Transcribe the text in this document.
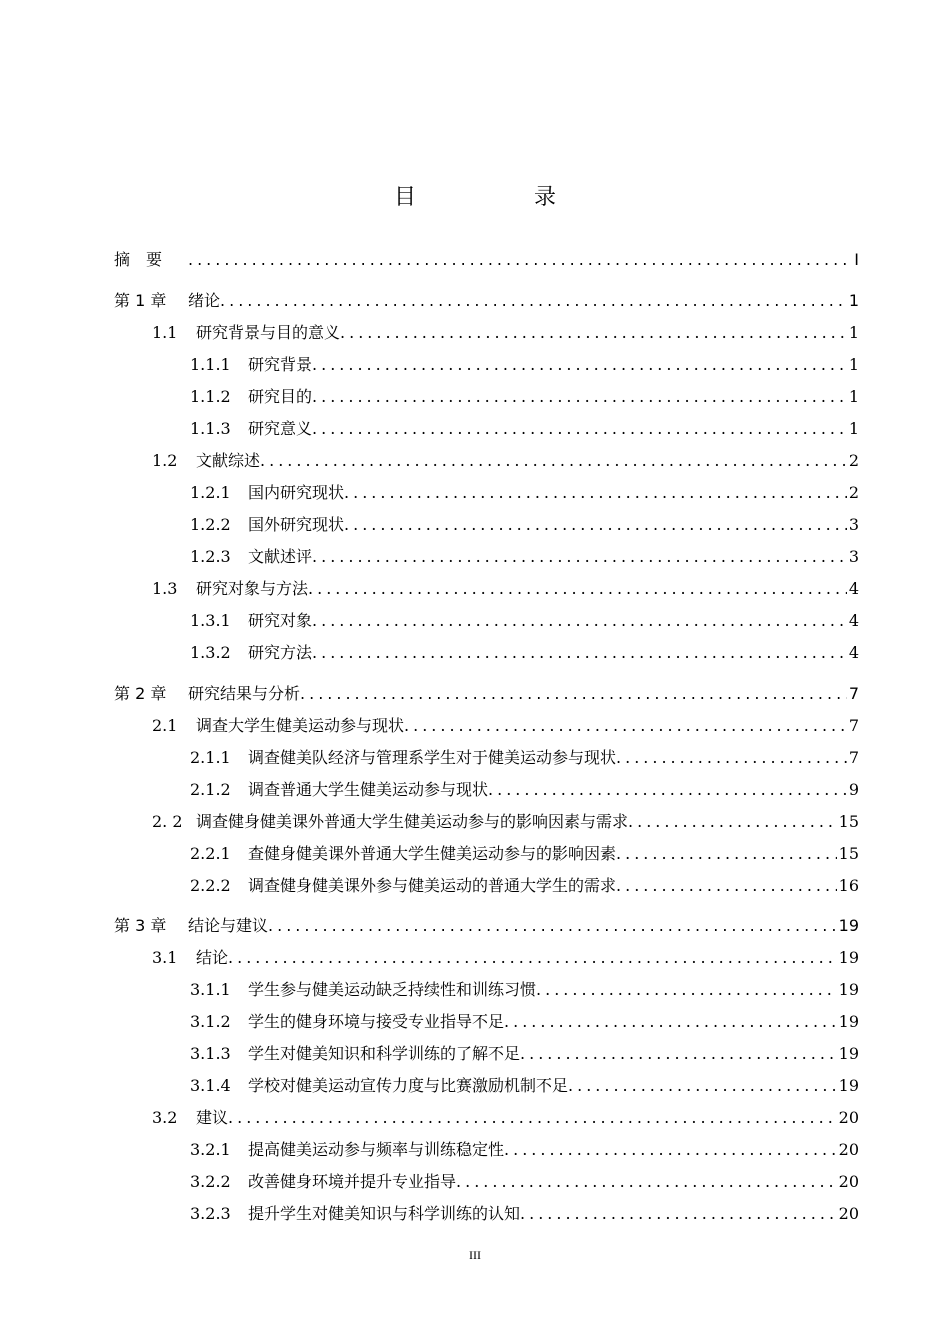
目　录
摘　要 .....	I
第 1 章	绪论 .....	1
1.1	研究背景与目的意义 .....	1
1.1.1	研究背景 .....	1
1.1.2	研究目的 .....	1
1.1.3	研究意义 .....	1
1.2	文献综述 .....	2
1.2.1	国内研究现状 .....	2
1.2.2	国外研究现状 .....	3
1.2.3	文献述评 .....	3
1.3	研究对象与方法 .....	4
1.3.1	研究对象 .....	4
1.3.2	研究方法 .....	4
第 2 章	研究结果与分析 .....	7
2.1	调查大学生健美运动参与现状 .....	7
2.1.1	调查健美队经济与管理系学生对于健美运动参与现状 .....	7
2.1.2	调查普通大学生健美运动参与现状 .....	9
2. 2 调查健身健美课外普通大学生健美运动参与的影响因素与需求 .....	15
2.2.1	查健身健美课外普通大学生健美运动参与的影响因素 .....	15
2.2.2	调查健身健美课外参与健美运动的普通大学生的需求 .....	16
第 3 章	结论与建议 .....	19
3.1	结论 .....	19
3.1.1	学生参与健美运动缺乏持续性和训练习惯 .....	19
3.1.2	学生的健身环境与接受专业指导不足 .....	19
3.1.3	学生对健美知识和科学训练的了解不足 .....	19
3.1.4	学校对健美运动宣传力度与比赛激励机制不足 .....	19
3.2	建议 .....	20
3.2.1	提高健美运动参与频率与训练稳定性 .....	20
3.2.2	改善健身环境并提升专业指导 .....	20
3.2.3	提升学生对健美知识与科学训练的认知 .....	20
III
